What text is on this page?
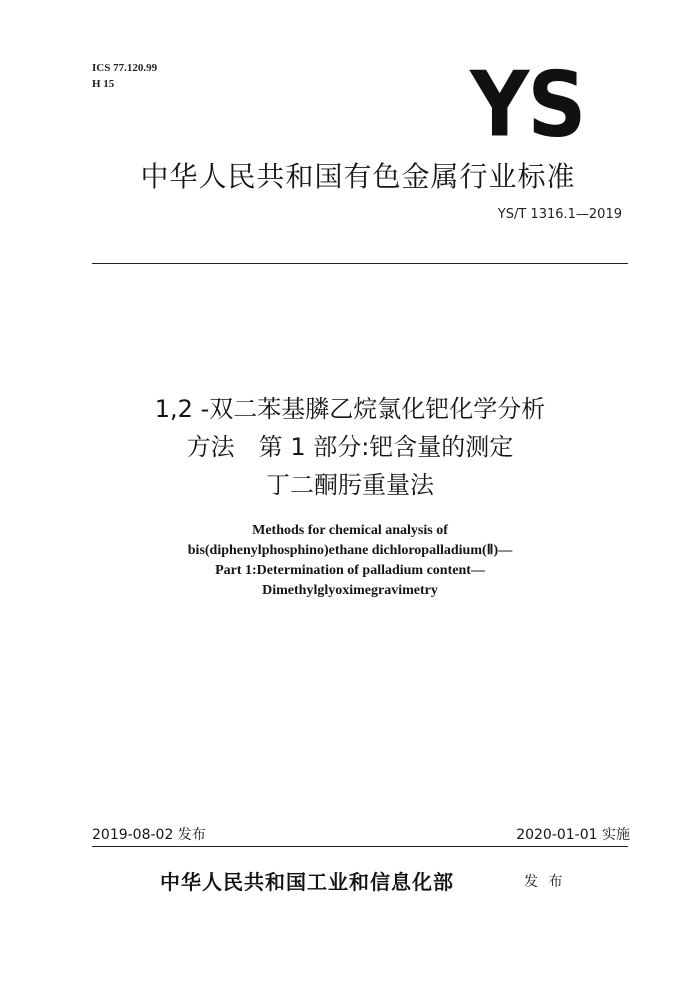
ICS 77.120.99
H 15	YS
中华人民共和国有色金属行业标准
YS/T 1316.1—2019
1,2 -双二苯基膦乙烷氯化钯化学分析
方法　第 1 部分:钯含量的测定
丁二酮肟重量法
Methods for chemical analysis of
bis(diphenylphosphino)ethane dichloropalladium(Ⅱ)—
Part 1:Determination of palladium content—
Dimethylglyoximegravimetry
2019-08-02 发布	2020-01-01 实施
中华人民共和国工业和信息化部	发 布
